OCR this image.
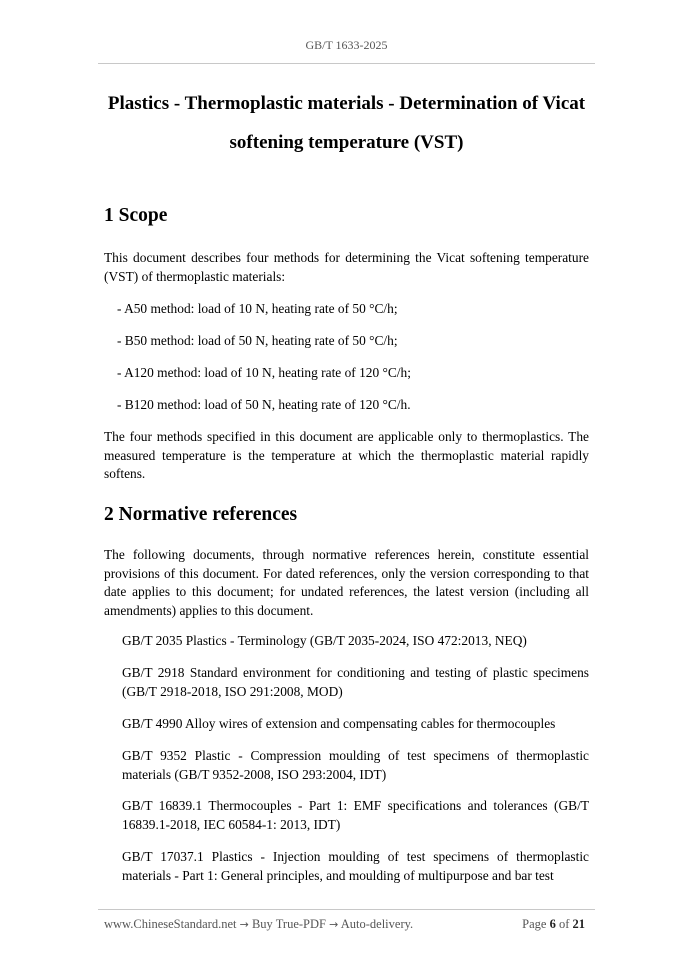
GB/T 1633-2025
Plastics - Thermoplastic materials - Determination of Vicat
softening temperature (VST)
1 Scope
This document describes four methods for determining the Vicat softening temperature (VST) of thermoplastic materials:
- A50 method: load of 10 N, heating rate of 50 °C/h;
- B50 method: load of 50 N, heating rate of 50 °C/h;
- A120 method: load of 10 N, heating rate of 120 °C/h;
- B120 method: load of 50 N, heating rate of 120 °C/h.
The four methods specified in this document are applicable only to thermoplastics. The measured temperature is the temperature at which the thermoplastic material rapidly softens.
2 Normative references
The following documents, through normative references herein, constitute essential provisions of this document. For dated references, only the version corresponding to that date applies to this document; for undated references, the latest version (including all amendments) applies to this document.
GB/T 2035 Plastics - Terminology (GB/T 2035-2024, ISO 472:2013, NEQ)
GB/T 2918 Standard environment for conditioning and testing of plastic specimens (GB/T 2918-2018, ISO 291:2008, MOD)
GB/T 4990 Alloy wires of extension and compensating cables for thermocouples
GB/T 9352 Plastic - Compression moulding of test specimens of thermoplastic materials (GB/T 9352-2008, ISO 293:2004, IDT)
GB/T 16839.1 Thermocouples - Part 1: EMF specifications and tolerances (GB/T 16839.1-2018, IEC 60584-1: 2013, IDT)
GB/T 17037.1 Plastics - Injection moulding of test specimens of thermoplastic materials - Part 1: General principles, and moulding of multipurpose and bar test
www.ChineseStandard.net → Buy True-PDF → Auto-delivery.	Page 6 of 21
